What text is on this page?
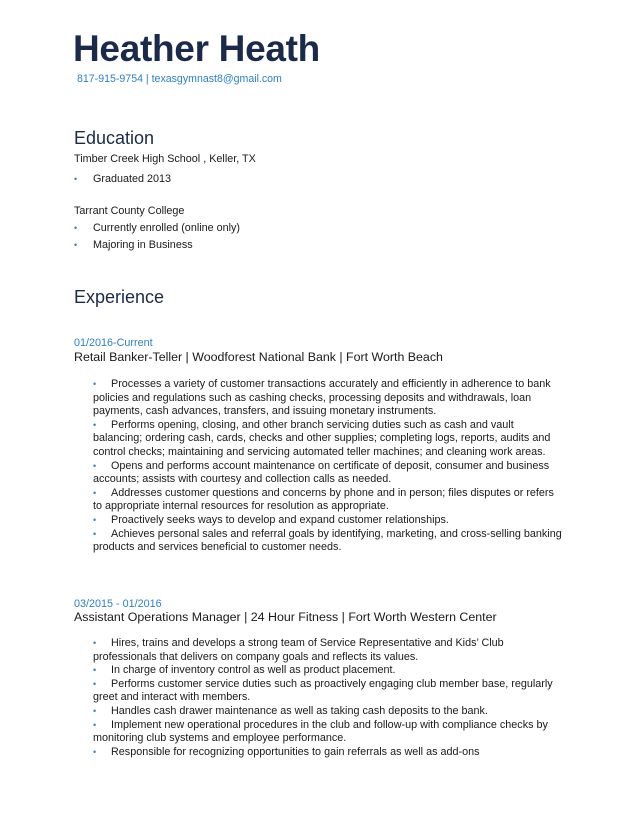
Heather Heath
817-915-9754 | texasgymnast8@gmail.com
Education
Timber Creek High School , Keller, TX
• Graduated 2013
Tarrant County College
• Currently enrolled (online only)
• Majoring in Business
Experience
01/2016-Current
Retail Banker-Teller | Woodforest National Bank | Fort Worth Beach

• Processes a variety of customer transactions accurately and efficiently in adherence to bank policies and regulations such as cashing checks, processing deposits and withdrawals, loan payments, cash advances, transfers, and issuing monetary instruments.

• Performs opening, closing, and other branch servicing duties such as cash and vault balancing; ordering cash, cards, checks and other supplies; completing logs, reports, audits and control checks; maintaining and servicing automated teller machines; and cleaning work areas.

• Opens and performs account maintenance on certificate of deposit, consumer and business accounts; assists with courtesy and collection calls as needed.

• Addresses customer questions and concerns by phone and in person; files disputes or refers to appropriate internal resources for resolution as appropriate.

• Proactively seeks ways to develop and expand customer relationships.

• Achieves personal sales and referral goals by identifying, marketing, and cross-selling banking products and services beneficial to customer needs.

03/2015 - 01/2016
Assistant Operations Manager | 24 Hour Fitness | Fort Worth Western Center

• Hires, trains and develops a strong team of Service Representative and Kids’ Club professionals that delivers on company goals and reflects its values.

• In charge of inventory control as well as product placement.

• Performs customer service duties such as proactively engaging club member base, regularly greet and interact with members.

• Handles cash drawer maintenance as well as taking cash deposits to the bank.

• Implement new operational procedures in the club and follow-up with compliance checks by monitoring club systems and employee performance.

• Responsible for recognizing opportunities to gain referrals as well as add-ons
